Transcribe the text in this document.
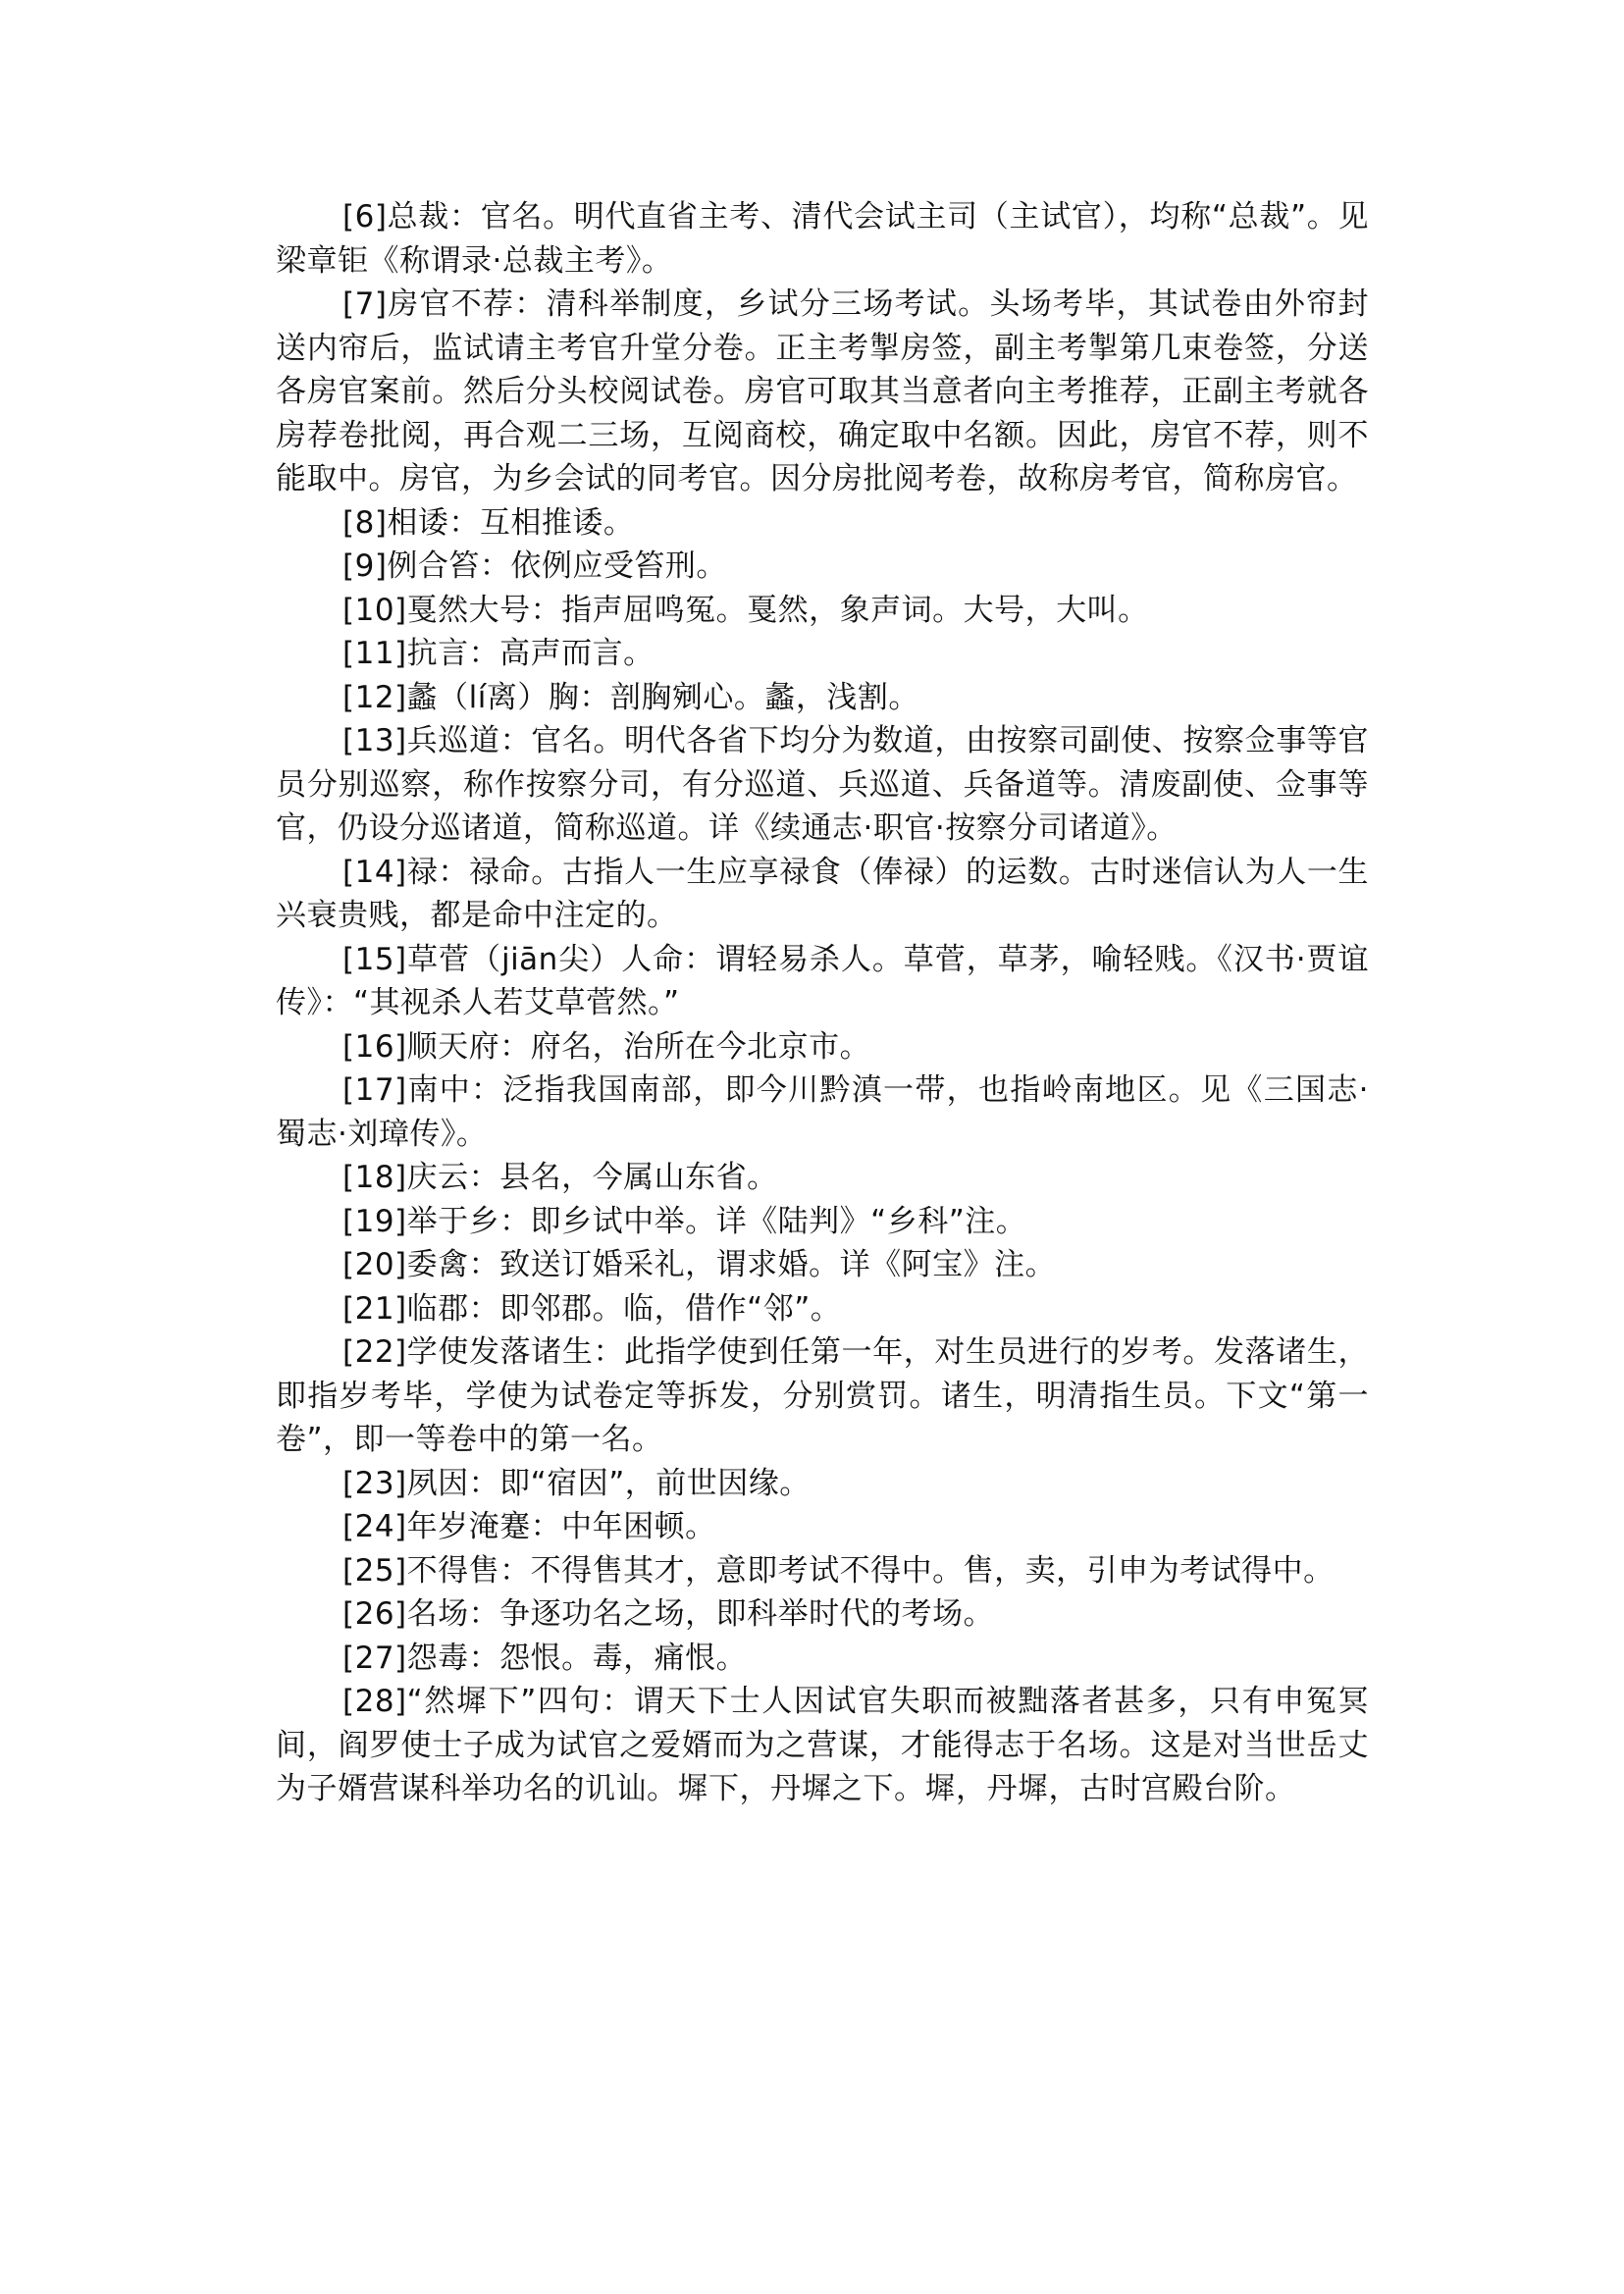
[6]总裁：官名。明代直省主考、清代会试主司（主试官），均称“总裁”。见梁章钜《称谓录·总裁主考》。

[7]房官不荐：清科举制度，乡试分三场考试。头场考毕，其试卷由外帘封送内帘后，监试请主考官升堂分卷。正主考掣房签，副主考掣第几束卷签，分送各房官案前。然后分头校阅试卷。房官可取其当意者向主考推荐，正副主考就各房荐卷批阅，再合观二三场，互阅商校，确定取中名额。因此，房官不荐，则不能取中。房官，为乡会试的同考官。因分房批阅考卷，故称房考官，简称房官。

[8]相诿：互相推诿。

[9]例合笞：依例应受笞刑。

[10]戛然大号：指声屈鸣冤。戛然，象声词。大号，大叫。

[11]抗言：高声而言。

[12]蠡（lí离）胸：剖胸剜心。蠡，浅割。

[13]兵巡道：官名。明代各省下均分为数道，由按察司副使、按察佥事等官员分别巡察，称作按察分司，有分巡道、兵巡道、兵备道等。清废副使、佥事等官，仍设分巡诸道，简称巡道。详《续通志·职官·按察分司诸道》。

[14]禄：禄命。古指人一生应享禄食（俸禄）的运数。古时迷信认为人一生兴衰贵贱，都是命中注定的。

[15]草菅（jiān尖）人命：谓轻易杀人。草菅，草茅，喻轻贱。《汉书·贾谊传》：“其视杀人若艾草菅然。”

[16]顺天府：府名，治所在今北京市。

[17]南中：泛指我国南部，即今川黔滇一带，也指岭南地区。见《三国志·蜀志·刘璋传》。

[18]庆云：县名，今属山东省。

[19]举于乡：即乡试中举。详《陆判》“乡科”注。

[20]委禽：致送订婚采礼，谓求婚。详《阿宝》注。

[21]临郡：即邻郡。临，借作“邻”。

[22]学使发落诸生：此指学使到任第一年，对生员进行的岁考。发落诸生，即指岁考毕，学使为试卷定等拆发，分别赏罚。诸生，明清指生员。下文“第一卷”，即一等卷中的第一名。

[23]夙因：即“宿因”，前世因缘。

[24]年岁淹蹇：中年困顿。

[25]不得售：不得售其才，意即考试不得中。售，卖，引申为考试得中。

[26]名场：争逐功名之场，即科举时代的考场。

[27]怨毒：怨恨。毒，痛恨。

[28]“然墀下”四句：谓天下士人因试官失职而被黜落者甚多，只有申冤冥间，阎罗使士子成为试官之爱婿而为之营谋，才能得志于名场。这是对当世岳丈为子婿营谋科举功名的讥讪。墀下，丹墀之下。墀，丹墀，古时宫殿台阶。
